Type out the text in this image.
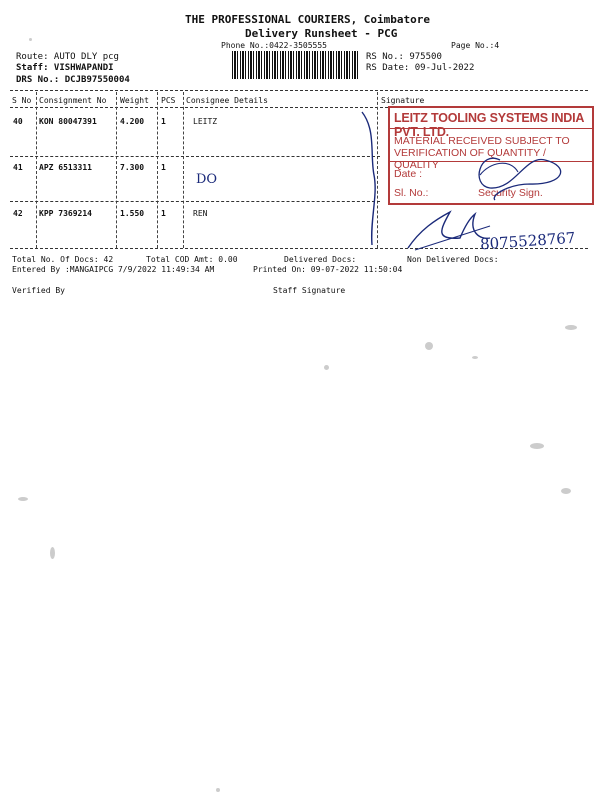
THE PROFESSIONAL COURIERS, Coimbatore
Delivery Runsheet - PCG
Phone No.:0422-3505555	Page No.:4
Route: AUTO DLY pcg
Staff: VISHWAPANDI
DRS No.: DCJB97550004
RS No.: 975500
RS Date: 09-Jul-2022
S No Consignment No Weight PCS Consignee Details	Signature
40 KON 80047391	4.200 1	LEITZ
41 APZ 6513311	7.300 1
DO
42 KPP 7369214	1.550 1	REN
LEITZ TOOLING SYSTEMS INDIA PVT. LTD.
MATERIAL RECEIVED SUBJECT TO
VERIFICATION OF QUANTITY / QUALITY
Date :
Sl. No.:	Security Sign.
8075528767
Total No. Of Docs: 42	Total COD Amt: 0.00	Delivered Docs:	Non Delivered Docs:
Entered By :MANGAIPCG 7/9/2022 11:49:34 AM	Printed On: 09-07-2022 11:50:04
Verified By	Staff Signature
